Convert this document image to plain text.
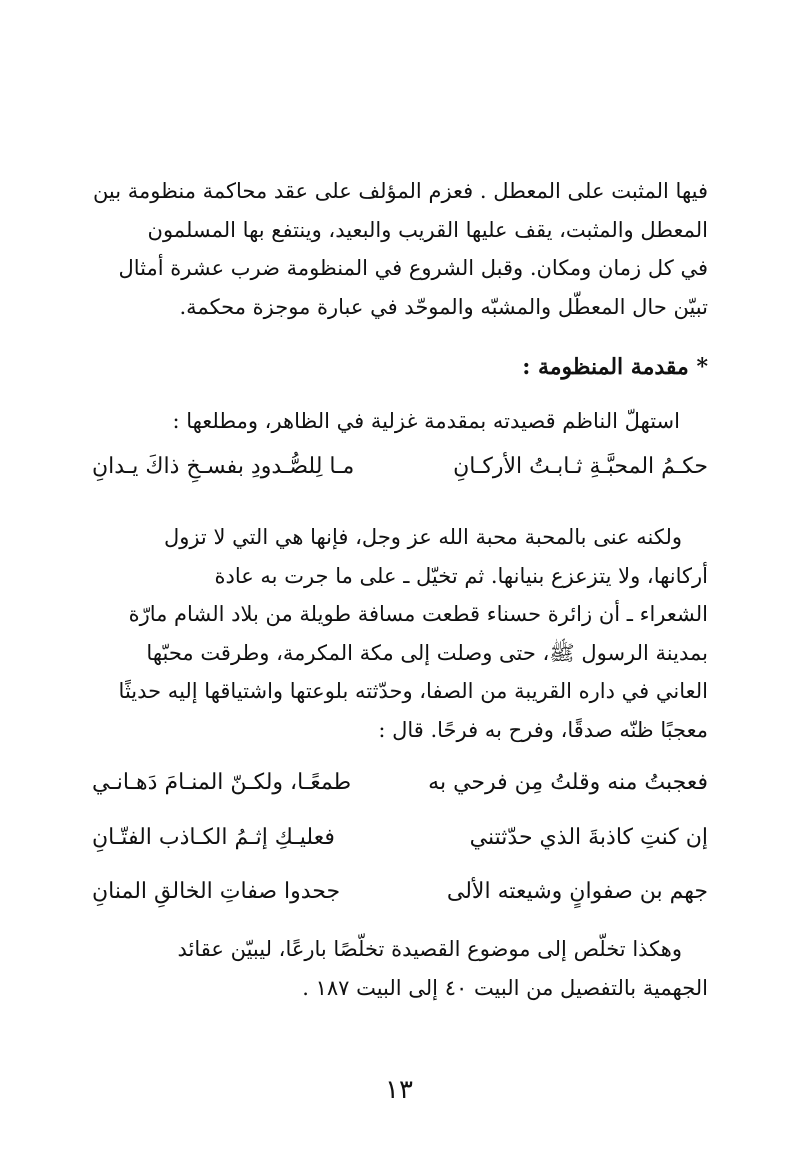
فيها المثبت على المعطل . فعزم المؤلف على عقد محاكمة منظومة بين

المعطل والمثبت، يقف عليها القريب والبعيد، وينتفع بها المسلمون

في كل زمان ومكان. وقبل الشروع في المنظومة ضرب عشرة أمثال

تبيّن حال المعطّل والمشبّه والموحّد في عبارة موجزة محكمة.

* مقدمة المنظومة :
استهلّ الناظم قصيدته بمقدمة غزلية في الظاهر، ومطلعها :
حكـمُ المحبَّـةِ ثـابـتُ الأركـانِ
مـا لِلصُّـدودِ بفسـخِ ذاكَ يـدانِ

ولكنه عنى بالمحبة محبة الله عز وجل، فإنها هي التي لا تزول

أركانها، ولا يتزعزع بنيانها. ثم تخيّل ـ على ما جرت به عادة

الشعراء ـ أن زائرة حسناء قطعت مسافة طويلة من بلاد الشام مارّة

بمدينة الرسول ﷺ، حتى وصلت إلى مكة المكرمة، وطرقت محبّها

العاني في داره القريبة من الصفا، وحدّثته بلوعتها واشتياقها إليه حديثًا

معجبًا ظنّه صدقًا، وفرح به فرحًا. قال :

فعجبتُ منه وقلتُ مِن فرحي به
طمعًـا، ولكـنّ المنـامَ دَهـانـي
إن كنتِ كاذبةَ الذي حدّثتني
فعليـكِ إثـمُ الكـاذب الفتّـانِ
جهم بن صفوانٍ وشيعته الألى
جحدوا صفاتِ الخالقِ المنانِ

وهكذا تخلّص إلى موضوع القصيدة تخلّصًا بارعًا، ليبيّن عقائد

الجهمية بالتفصيل من البيت ٤٠ إلى البيت ١٨٧ .

١٣
